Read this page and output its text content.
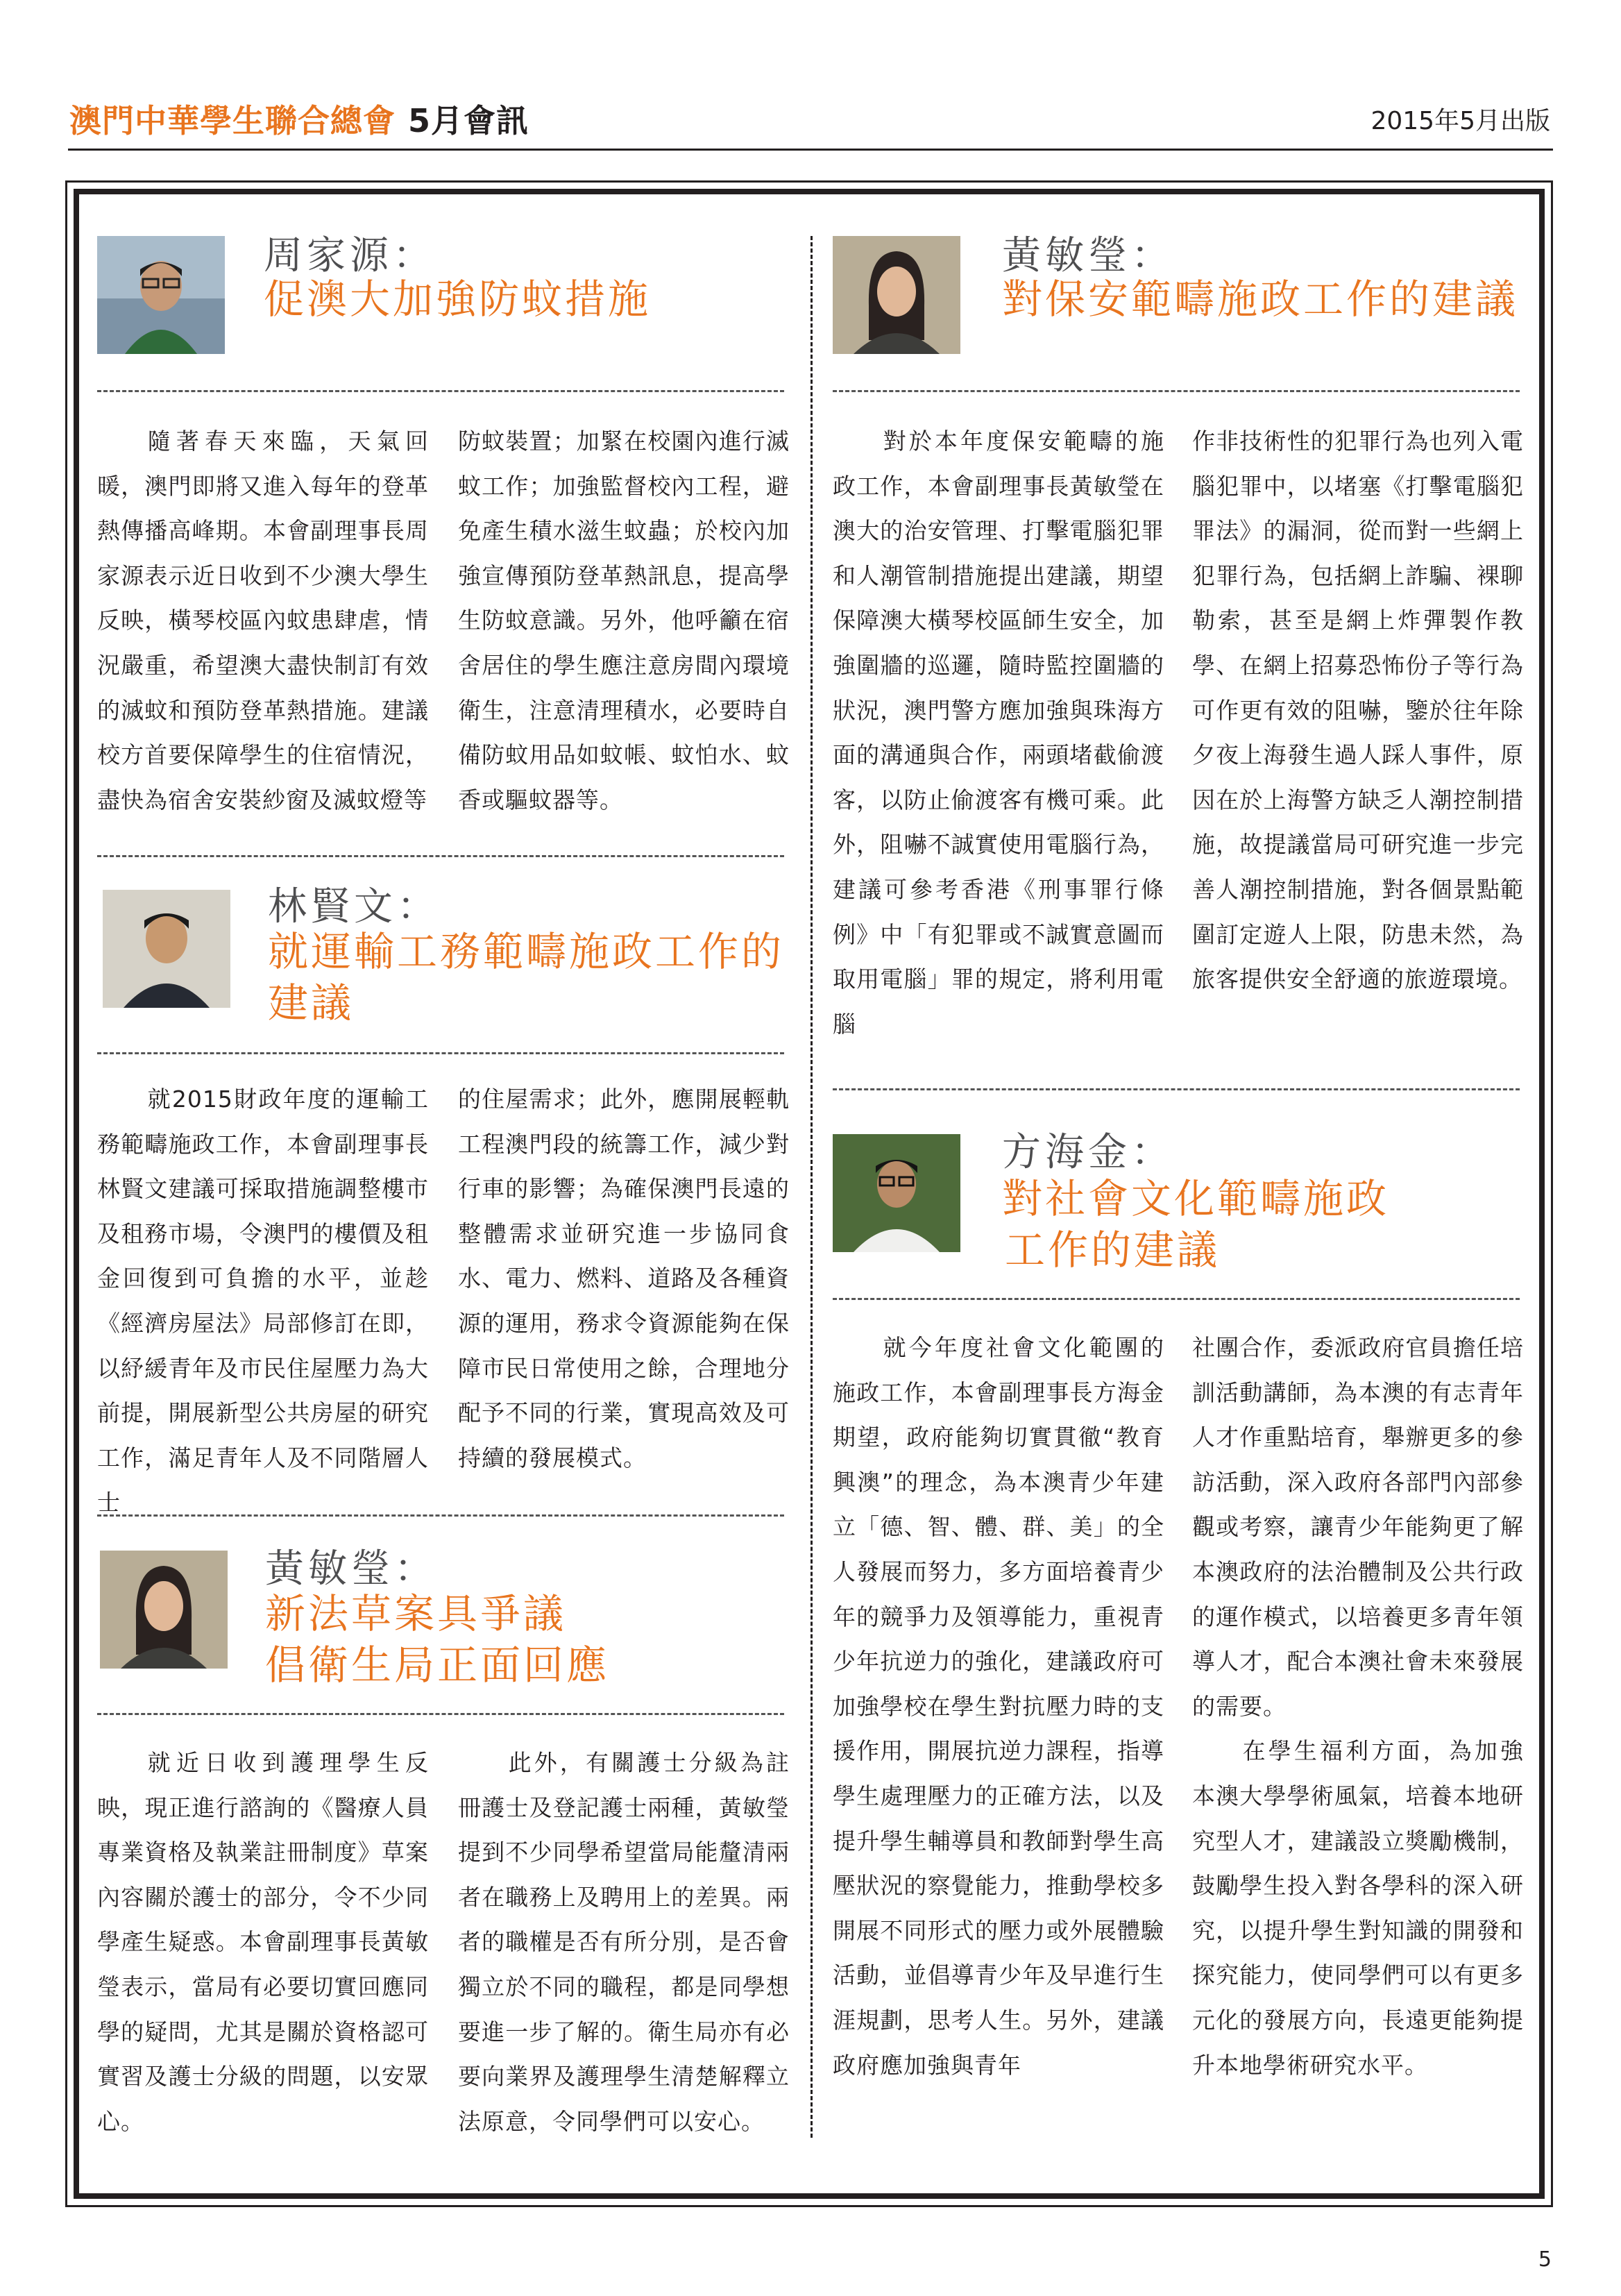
澳門中華學生聯合總會 5月會訊	2015年5月出版
周家源：
促澳大加強防蚊措施

隨著春天來臨，天氣回暖，澳門即將又進入每年的登革熱傳播高峰期。本會副理事長周家源表示近日收到不少澳大學生反映，橫琴校區內蚊患肆虐，情況嚴重，希望澳大盡快制訂有效的滅蚊和預防登革熱措施。建議校方首要保障學生的住宿情況，盡快為宿舍安裝紗窗及滅蚊燈等

防蚊裝置；加緊在校園內進行滅蚊工作；加強監督校內工程，避免產生積水滋生蚊蟲；於校內加強宣傳預防登革熱訊息，提高學生防蚊意識。另外，他呼籲在宿舍居住的學生應注意房間內環境衛生，注意清理積水，必要時自備防蚊用品如蚊帳、蚊怕水、蚊香或驅蚊器等。

林賢文：
就運輸工務範疇施政工作的建議

就2015財政年度的運輸工務範疇施政工作，本會副理事長林賢文建議可採取措施調整樓市及租務市場，令澳門的樓價及租金回復到可負擔的水平，並趁《經濟房屋法》局部修訂在即，以紓緩青年及市民住屋壓力為大前提，開展新型公共房屋的研究工作，滿足青年人及不同階層人士

的住屋需求；此外，應開展輕軌工程澳門段的統籌工作，減少對行車的影響；為確保澳門長遠的整體需求並研究進一步協同食水、電力、燃料、道路及各種資源的運用，務求令資源能夠在保障市民日常使用之餘，合理地分配予不同的行業，實現高效及可持續的發展模式。

黃敏瑩：
新法草案具爭議
倡衛生局正面回應

就近日收到護理學生反映，現正進行諮詢的《醫療人員專業資格及執業註冊制度》草案內容關於護士的部分，令不少同學產生疑惑。本會副理事長黃敏瑩表示，當局有必要切實回應同學的疑問，尤其是關於資格認可實習及護士分級的問題，以安眾心。

此外，有關護士分級為註冊護士及登記護士兩種，黃敏瑩提到不少同學希望當局能釐清兩者在職務上及聘用上的差異。兩者的職權是否有所分別，是否會獨立於不同的職程，都是同學想要進一步了解的。衛生局亦有必要向業界及護理學生清楚解釋立法原意，令同學們可以安心。

黃敏瑩：
對保安範疇施政工作的建議

對於本年度保安範疇的施政工作，本會副理事長黃敏瑩在澳大的治安管理、打擊電腦犯罪和人潮管制措施提出建議，期望保障澳大橫琴校區師生安全，加強圍牆的巡邏，隨時監控圍牆的狀況，澳門警方應加強與珠海方面的溝通與合作，兩頭堵截偷渡客，以防止偷渡客有機可乘。此外，阻嚇不誠實使用電腦行為，建議可參考香港《刑事罪行條例》中「有犯罪或不誠實意圖而取用電腦」罪的規定，將利用電腦

作非技術性的犯罪行為也列入電腦犯罪中，以堵塞《打擊電腦犯罪法》的漏洞，從而對一些網上犯罪行為，包括網上詐騙、裸聊勒索，甚至是網上炸彈製作教學、在網上招募恐怖份子等行為可作更有效的阻嚇，鑒於往年除夕夜上海發生過人踩人事件，原因在於上海警方缺乏人潮控制措施，故提議當局可研究進一步完善人潮控制措施，對各個景點範圍訂定遊人上限，防患未然，為旅客提供安全舒適的旅遊環境。

方海金：
對社會文化範疇施政
工作的建議

就今年度社會文化範團的施政工作，本會副理事長方海金期望，政府能夠切實貫徹“教育興澳”的理念，為本澳青少年建立「德、智、體、群、美」的全人發展而努力，多方面培養青少年的競爭力及領導能力，重視青少年抗逆力的強化，建議政府可加強學校在學生對抗壓力時的支援作用，開展抗逆力課程，指導學生處理壓力的正確方法，以及提升學生輔導員和教師對學生高壓狀況的察覺能力，推動學校多開展不同形式的壓力或外展體驗活動，並倡導青少年及早進行生涯規劃，思考人生。另外，建議政府應加強與青年

社團合作，委派政府官員擔任培訓活動講師，為本澳的有志青年人才作重點培育，舉辦更多的參訪活動，深入政府各部門內部參觀或考察，讓青少年能夠更了解本澳政府的法治體制及公共行政的運作模式，以培養更多青年領導人才，配合本澳社會未來發展的需要。

在學生福利方面，為加強本澳大學學術風氣，培養本地研究型人才，建議設立獎勵機制，鼓勵學生投入對各學科的深入研究，以提升學生對知識的開發和探究能力，使同學們可以有更多元化的發展方向，長遠更能夠提升本地學術研究水平。

5
